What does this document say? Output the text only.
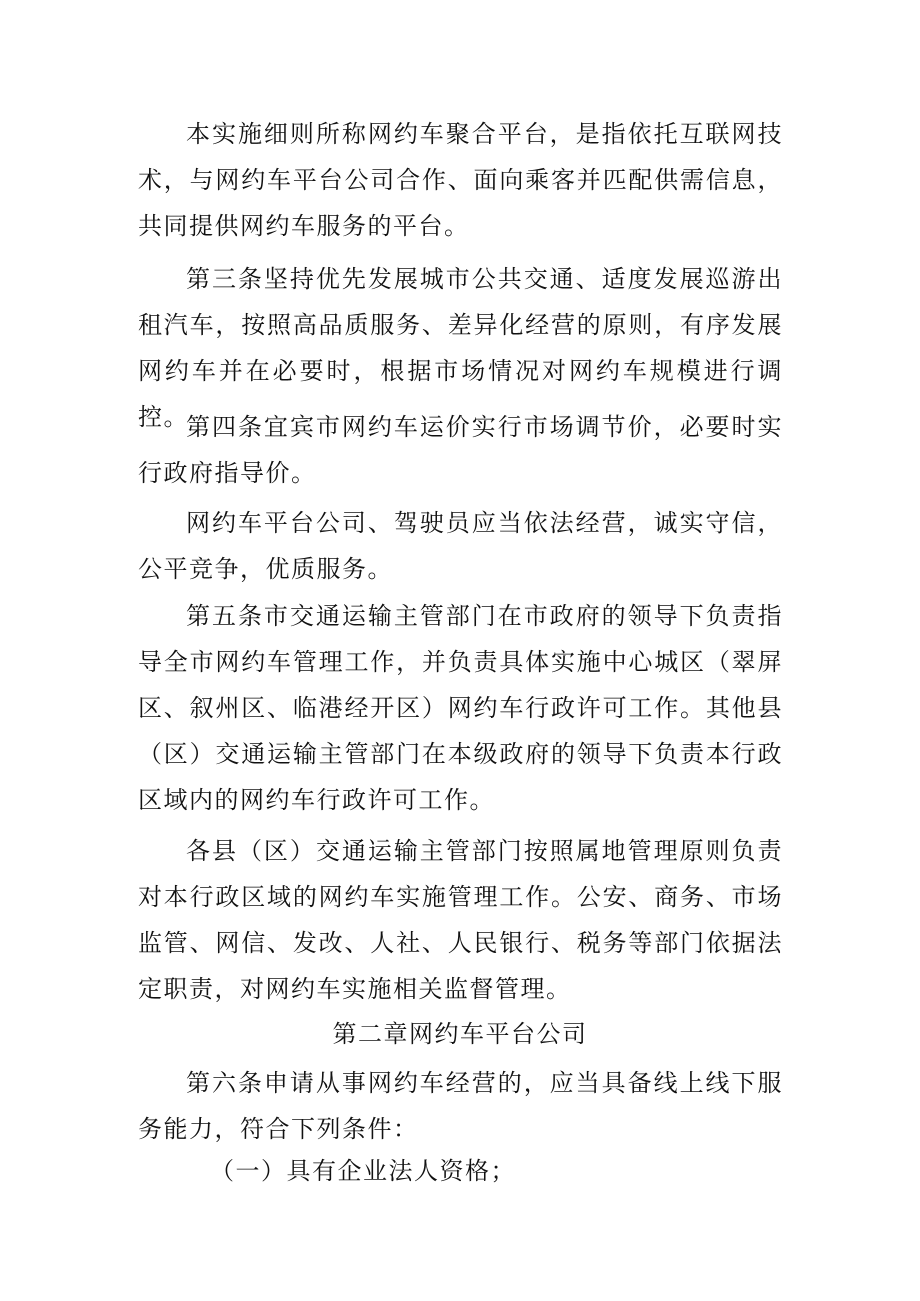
本实施细则所称网约车聚合平台，是指依托互联网技术，与网约车平台公司合作、面向乘客并匹配供需信息，共同提供网约车服务的平台。

第三条坚持优先发展城市公共交通、适度发展巡游出租汽车，按照高品质服务、差异化经营的原则，有序发展网约车并在必要时，根据市场情况对网约车规模进行调控。

第四条宜宾市网约车运价实行市场调节价，必要时实行政府指导价。

网约车平台公司、驾驶员应当依法经营，诚实守信，公平竞争，优质服务。

第五条市交通运输主管部门在市政府的领导下负责指导全市网约车管理工作，并负责具体实施中心城区（翠屏区、叙州区、临港经开区）网约车行政许可工作。其他县（区）交通运输主管部门在本级政府的领导下负责本行政区域内的网约车行政许可工作。

各县（区）交通运输主管部门按照属地管理原则负责对本行政区域的网约车实施管理工作。公安、商务、市场监管、网信、发改、人社、人民银行、税务等部门依据法定职责，对网约车实施相关监督管理。

第二章网约车平台公司

第六条申请从事网约车经营的，应当具备线上线下服务能力，符合下列条件：

（一）具有企业法人资格；
